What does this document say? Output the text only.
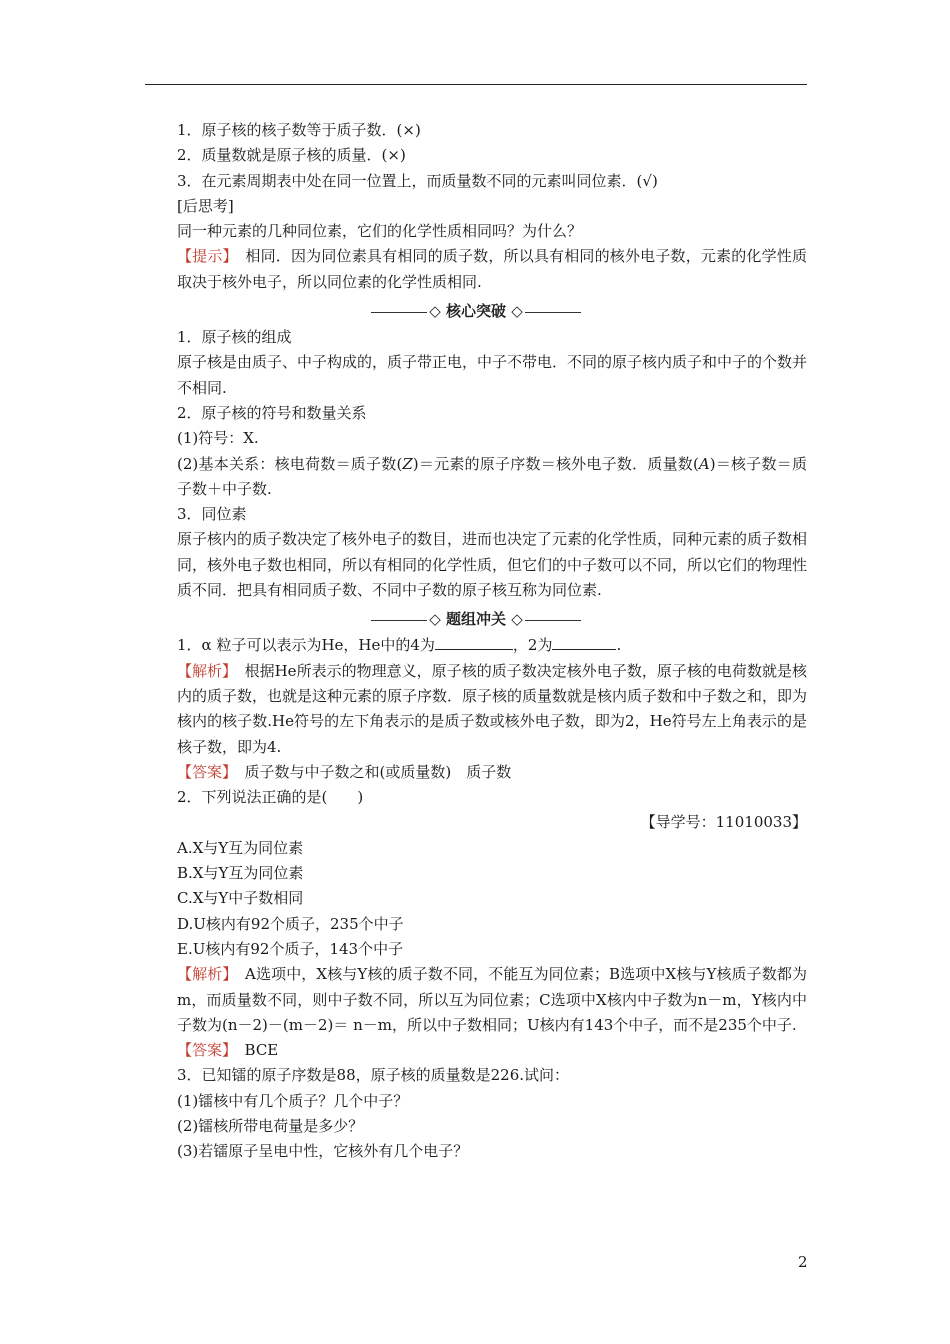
1．原子核的核子数等于质子数．(×)

2．质量数就是原子核的质量．(×)

3．在元素周期表中处在同一位置上，而质量数不同的元素叫同位素．(√)

[后思考]

同一种元素的几种同位素，它们的化学性质相同吗？为什么？

【提示】　 相同．因为同位素具有相同的质子数，所以具有相同的核外电子数，元素的化学性质取决于核外电子，所以同位素的化学性质相同.

◇ 核心突破 ◇

1．原子核的组成

原子核是由质子、中子构成的，质子带正电，中子不带电．不同的原子核内质子和中子的个数并不相同.

2．原子核的符号和数量关系

(1)符号：X.

(2)基本关系：核电荷数＝质子数(Z)＝元素的原子序数＝核外电子数．质量数(A)＝核子数＝质子数＋中子数.

3．同位素

原子核内的质子数决定了核外电子的数目，进而也决定了元素的化学性质，同种元素的质子数相同，核外电子数也相同，所以有相同的化学性质，但它们的中子数可以不同，所以它们的物理性质不同．把具有相同质子数、不同中子数的原子核互称为同位素.

◇ 题组冲关 ◇

1．α 粒子可以表示为He，He中的4为	，2为	.

【解析】　 根据He所表示的物理意义，原子核的质子数决定核外电子数，原子核的电荷数就是核内的质子数，也就是这种元素的原子序数．原子核的质量数就是核内质子数和中子数之和，即为核内的核子数.He符号的左下角表示的是质子数或核外电子数，即为2，He符号左上角表示的是核子数，即为4.

【答案】　 质子数与中子数之和(或质量数)　质子数

2．下列说法正确的是(　　)

【导学号：11010033】

A.X与Y互为同位素

B.X与Y互为同位素

C.X与Y中子数相同

D.U核内有92个质子，235个中子

E.U核内有92个质子，143个中子

【解析】　 A选项中，X核与Y核的质子数不同，不能互为同位素；B选项中X核与Y核质子数都为m，而质量数不同，则中子数不同，所以互为同位素；C选项中X核内中子数为n－m，Y核内中子数为(n－2)－(m－2)＝ n－m，所以中子数相同；U核内有143个中子，而不是235个中子.

【答案】　 BCE

3．已知镭的原子序数是88，原子核的质量数是226.试问：

(1)镭核中有几个质子？几个中子？

(2)镭核所带电荷量是多少？

(3)若镭原子呈电中性，它核外有几个电子？

2
